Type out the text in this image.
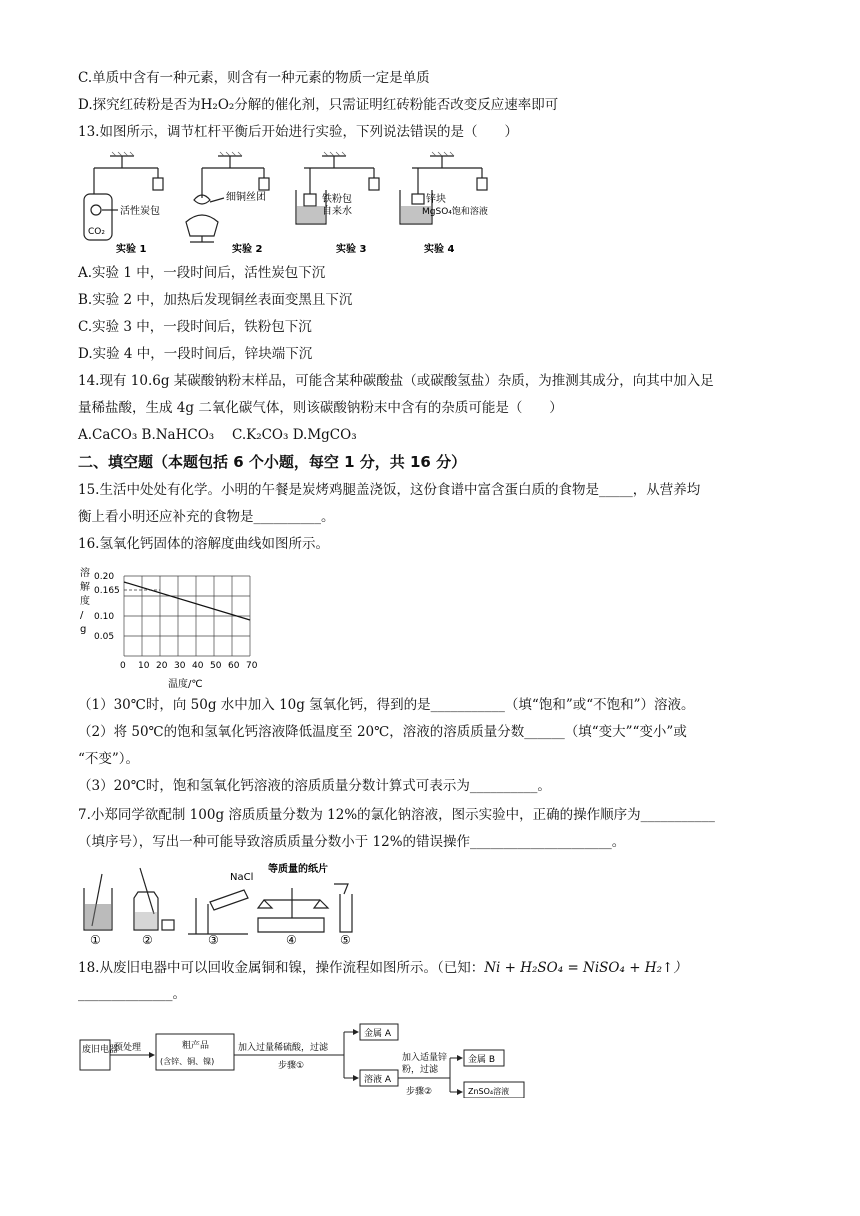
C.单质中含有一种元素，则含有一种元素的物质一定是单质
D.探究红砖粉是否为H₂O₂分解的催化剂，只需证明红砖粉能否改变反应速率即可
13.如图所示，调节杠杆平衡后开始进行实验，下列说法错误的是（　　）
活性炭包
CO₂
细铜丝团	铁粉包
自来水
锌块
MgSO₄饱和溶液
实验 1	实验 2	实验 3	实验 4
A.实验 1 中，一段时间后，活性炭包下沉
B.实验 2 中，加热后发现铜丝表面变黑且下沉
C.实验 3 中，一段时间后，铁粉包下沉
D.实验 4 中，一段时间后，锌块端下沉
14.现有 10.6g 某碳酸钠粉末样品，可能含某种碳酸盐（或碳酸氢盐）杂质，为推测其成分，向其中加入足
量稀盐酸，生成 4g 二氧化碳气体，则该碳酸钠粉末中含有的杂质可能是（　　）
A.CaCO₃ B.NaHCO₃　 C.K₂CO₃ D.MgCO₃
二、填空题（本题包括 6 个小题，每空 1 分，共 16 分）
15.生活中处处有化学。小明的午餐是炭烤鸡腿盖浇饭，这份食谱中富含蛋白质的食物是_____，从营养均
衡上看小明还应补充的食物是__________。
16.氢氧化钙固体的溶解度曲线如图所示。
0.20
0.165
0.10
0.05
0 10 20 30 40 50 60 70
溶解度/ g
温度/℃
（1）30℃时，向 50g 水中加入 10g 氢氧化钙，得到的是___________（填“饱和”或“不饱和”）溶液。
（2）将 50℃的饱和氢氧化钙溶液降低温度至 20℃，溶液的溶质质量分数______（填“变大”“变小”或
“不变”）。
（3）20℃时，饱和氢氧化钙溶液的溶质质量分数计算式可表示为__________。
7.小郑同学欲配制 100g 溶质质量分数为 12%的氯化钠溶液，图示实验中，正确的操作顺序为___________
（填序号），写出一种可能导致溶质质量分数小于 12%的错误操作_____________________。
NaCl
等质量的纸片
①	②	③	④	⑤
18.从废旧电器中可以回收金属铜和镍，操作流程如图所示。（已知：Ni + H₂SO₄ = NiSO₄ + H₂↑）
______________。
废旧电器
预处理	粗产品
(含锌、铜、镍)
加入过量稀硫酸，过滤
步骤①
金属 A
溶液 A
加入适量锌
粉，过滤
步骤②
金属 B
ZnSO₄溶液
